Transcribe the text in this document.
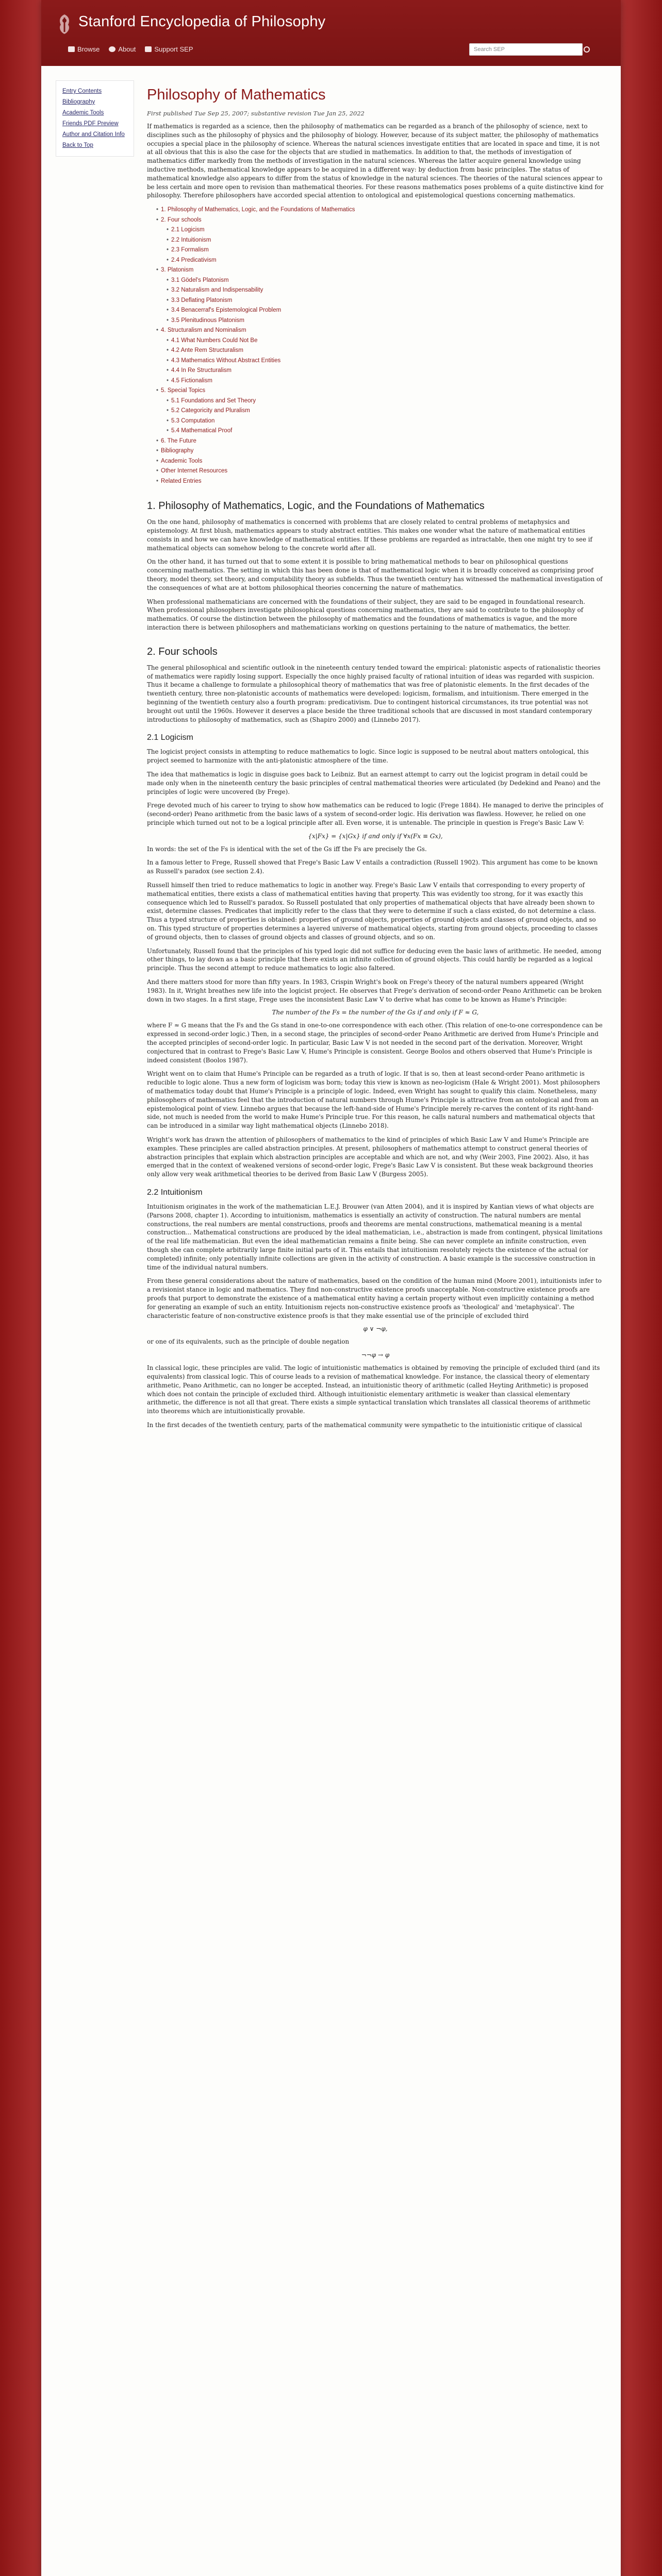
Stanford Encyclopedia of Philosophy
Browse	About	Support SEP	Search SEP
Entry Contents
Bibliography
Academic Tools
Friends PDF Preview
Author and Citation Info
Back to Top
Philosophy of Mathematics
First published Tue Sep 25, 2007; substantive revision Tue Jan 25, 2022

If mathematics is regarded as a science, then the philosophy of mathematics can be regarded as a branch of the philosophy of science, next to disciplines such as the philosophy of physics and the philosophy of biology. However, because of its subject matter, the philosophy of mathematics occupies a special place in the philosophy of science. Whereas the natural sciences investigate entities that are located in space and time, it is not at all obvious that this is also the case for the objects that are studied in mathematics. In addition to that, the methods of investigation of mathematics differ markedly from the methods of investigation in the natural sciences. Whereas the latter acquire general knowledge using inductive methods, mathematical knowledge appears to be acquired in a different way: by deduction from basic principles. The status of mathematical knowledge also appears to differ from the status of knowledge in the natural sciences. The theories of the natural sciences appear to be less certain and more open to revision than mathematical theories. For these reasons mathematics poses problems of a quite distinctive kind for philosophy. Therefore philosophers have accorded special attention to ontological and epistemological questions concerning mathematics.

• 1. Philosophy of Mathematics, Logic, and the Foundations of Mathematics
• 2. Four schools
• 2.1 Logicism
• 2.2 Intuitionism
• 2.3 Formalism
• 2.4 Predicativism
• 3. Platonism
• 3.1 Gödel's Platonism
• 3.2 Naturalism and Indispensability
• 3.3 Deflating Platonism
• 3.4 Benacerraf's Epistemological Problem
• 3.5 Plenitudinous Platonism
• 4. Structuralism and Nominalism
• 4.1 What Numbers Could Not Be
• 4.2 Ante Rem Structuralism
• 4.3 Mathematics Without Abstract Entities
• 4.4 In Re Structuralism
• 4.5 Fictionalism
• 5. Special Topics
• 5.1 Foundations and Set Theory
• 5.2 Categoricity and Pluralism
• 5.3 Computation
• 5.4 Mathematical Proof
• 6. The Future
• Bibliography
• Academic Tools
• Other Internet Resources
• Related Entries
1. Philosophy of Mathematics, Logic, and the Foundations of Mathematics

On the one hand, philosophy of mathematics is concerned with problems that are closely related to central problems of metaphysics and epistemology. At first blush, mathematics appears to study abstract entities. This makes one wonder what the nature of mathematical entities consists in and how we can have knowledge of mathematical entities. If these problems are regarded as intractable, then one might try to see if mathematical objects can somehow belong to the concrete world after all.

On the other hand, it has turned out that to some extent it is possible to bring mathematical methods to bear on philosophical questions concerning mathematics. The setting in which this has been done is that of mathematical logic when it is broadly conceived as comprising proof theory, model theory, set theory, and computability theory as subfields. Thus the twentieth century has witnessed the mathematical investigation of the consequences of what are at bottom philosophical theories concerning the nature of mathematics.

When professional mathematicians are concerned with the foundations of their subject, they are said to be engaged in foundational research. When professional philosophers investigate philosophical questions concerning mathematics, they are said to contribute to the philosophy of mathematics. Of course the distinction between the philosophy of mathematics and the foundations of mathematics is vague, and the more interaction there is between philosophers and mathematicians working on questions pertaining to the nature of mathematics, the better.

2. Four schools

The general philosophical and scientific outlook in the nineteenth century tended toward the empirical: platonistic aspects of rationalistic theories of mathematics were rapidly losing support. Especially the once highly praised faculty of rational intuition of ideas was regarded with suspicion. Thus it became a challenge to formulate a philosophical theory of mathematics that was free of platonistic elements. In the first decades of the twentieth century, three non-platonistic accounts of mathematics were developed: logicism, formalism, and intuitionism. There emerged in the beginning of the twentieth century also a fourth program: predicativism. Due to contingent historical circumstances, its true potential was not brought out until the 1960s. However it deserves a place beside the three traditional schools that are discussed in most standard contemporary introductions to philosophy of mathematics, such as (Shapiro 2000) and (Linnebo 2017).

2.1 Logicism

The logicist project consists in attempting to reduce mathematics to logic. Since logic is supposed to be neutral about matters ontological, this project seemed to harmonize with the anti-platonistic atmosphere of the time.

The idea that mathematics is logic in disguise goes back to Leibniz. But an earnest attempt to carry out the logicist program in detail could be made only when in the nineteenth century the basic principles of central mathematical theories were articulated (by Dedekind and Peano) and the principles of logic were uncovered (by Frege).

Frege devoted much of his career to trying to show how mathematics can be reduced to logic (Frege 1884). He managed to derive the principles of (second-order) Peano arithmetic from the basic laws of a system of second-order logic. His derivation was flawless. However, he relied on one principle which turned out not to be a logical principle after all. Even worse, it is untenable. The principle in question is Frege's Basic Law V:

{x|Fx} = {x|Gx} if and only if ∀x(Fx ≡ Gx),

In words: the set of the Fs is identical with the set of the Gs iff the Fs are precisely the Gs.

In a famous letter to Frege, Russell showed that Frege's Basic Law V entails a contradiction (Russell 1902). This argument has come to be known as Russell's paradox (see section 2.4).

Russell himself then tried to reduce mathematics to logic in another way. Frege's Basic Law V entails that corresponding to every property of mathematical entities, there exists a class of mathematical entities having that property. This was evidently too strong, for it was exactly this consequence which led to Russell's paradox. So Russell postulated that only properties of mathematical objects that have already been shown to exist, determine classes. Predicates that implicitly refer to the class that they were to determine if such a class existed, do not determine a class. Thus a typed structure of properties is obtained: properties of ground objects, properties of ground objects and classes of ground objects, and so on. This typed structure of properties determines a layered universe of mathematical objects, starting from ground objects, proceeding to classes of ground objects, then to classes of ground objects and classes of ground objects, and so on.

Unfortunately, Russell found that the principles of his typed logic did not suffice for deducing even the basic laws of arithmetic. He needed, among other things, to lay down as a basic principle that there exists an infinite collection of ground objects. This could hardly be regarded as a logical principle. Thus the second attempt to reduce mathematics to logic also faltered.

And there matters stood for more than fifty years. In 1983, Crispin Wright's book on Frege's theory of the natural numbers appeared (Wright 1983). In it, Wright breathes new life into the logicist project. He observes that Frege's derivation of second-order Peano Arithmetic can be broken down in two stages. In a first stage, Frege uses the inconsistent Basic Law V to derive what has come to be known as Hume's Principle:

The number of the Fs = the number of the Gs if and only if F ≈ G,

where F ≈ G means that the Fs and the Gs stand in one-to-one correspondence with each other. (This relation of one-to-one correspondence can be expressed in second-order logic.) Then, in a second stage, the principles of second-order Peano Arithmetic are derived from Hume's Principle and the accepted principles of second-order logic. In particular, Basic Law V is not needed in the second part of the derivation. Moreover, Wright conjectured that in contrast to Frege's Basic Law V, Hume's Principle is consistent. George Boolos and others observed that Hume's Principle is indeed consistent (Boolos 1987).

Wright went on to claim that Hume's Principle can be regarded as a truth of logic. If that is so, then at least second-order Peano arithmetic is reducible to logic alone. Thus a new form of logicism was born; today this view is known as neo-logicism (Hale & Wright 2001). Most philosophers of mathematics today doubt that Hume's Principle is a principle of logic. Indeed, even Wright has sought to qualify this claim. Nonetheless, many philosophers of mathematics feel that the introduction of natural numbers through Hume's Principle is attractive from an ontological and from an epistemological point of view. Linnebo argues that because the left-hand-side of Hume's Principle merely re-carves the content of its right-hand-side, not much is needed from the world to make Hume's Principle true. For this reason, he calls natural numbers and mathematical objects that can be introduced in a similar way light mathematical objects (Linnebo 2018).

Wright's work has drawn the attention of philosophers of mathematics to the kind of principles of which Basic Law V and Hume's Principle are examples. These principles are called abstraction principles. At present, philosophers of mathematics attempt to construct general theories of abstraction principles that explain which abstraction principles are acceptable and which are not, and why (Weir 2003, Fine 2002). Also, it has emerged that in the context of weakened versions of second-order logic, Frege's Basic Law V is consistent. But these weak background theories only allow very weak arithmetical theories to be derived from Basic Law V (Burgess 2005).

2.2 Intuitionism

Intuitionism originates in the work of the mathematician L.E.J. Brouwer (van Atten 2004), and it is inspired by Kantian views of what objects are (Parsons 2008, chapter 1). According to intuitionism, mathematics is essentially an activity of construction. The natural numbers are mental constructions, the real numbers are mental constructions, proofs and theorems are mental constructions, mathematical meaning is a mental construction... Mathematical constructions are produced by the ideal mathematician, i.e., abstraction is made from contingent, physical limitations of the real life mathematician. But even the ideal mathematician remains a finite being. She can never complete an infinite construction, even though she can complete arbitrarily large finite initial parts of it. This entails that intuitionism resolutely rejects the existence of the actual (or completed) infinite; only potentially infinite collections are given in the activity of construction. A basic example is the successive construction in time of the individual natural numbers.

From these general considerations about the nature of mathematics, based on the condition of the human mind (Moore 2001), intuitionists infer to a revisionist stance in logic and mathematics. They find non-constructive existence proofs unacceptable. Non-constructive existence proofs are proofs that purport to demonstrate the existence of a mathematical entity having a certain property without even implicitly containing a method for generating an example of such an entity. Intuitionism rejects non-constructive existence proofs as 'theological' and 'metaphysical'. The characteristic feature of non-constructive existence proofs is that they make essential use of the principle of excluded third

φ ∨ ¬φ,

or one of its equivalents, such as the principle of double negation

¬¬φ → φ

In classical logic, these principles are valid. The logic of intuitionistic mathematics is obtained by removing the principle of excluded third (and its equivalents) from classical logic. This of course leads to a revision of mathematical knowledge. For instance, the classical theory of elementary arithmetic, Peano Arithmetic, can no longer be accepted. Instead, an intuitionistic theory of arithmetic (called Heyting Arithmetic) is proposed which does not contain the principle of excluded third. Although intuitionistic elementary arithmetic is weaker than classical elementary arithmetic, the difference is not all that great. There exists a simple syntactical translation which translates all classical theorems of arithmetic into theorems which are intuitionistically provable.

In the first decades of the twentieth century, parts of the mathematical community were sympathetic to the intuitionistic critique of classical
